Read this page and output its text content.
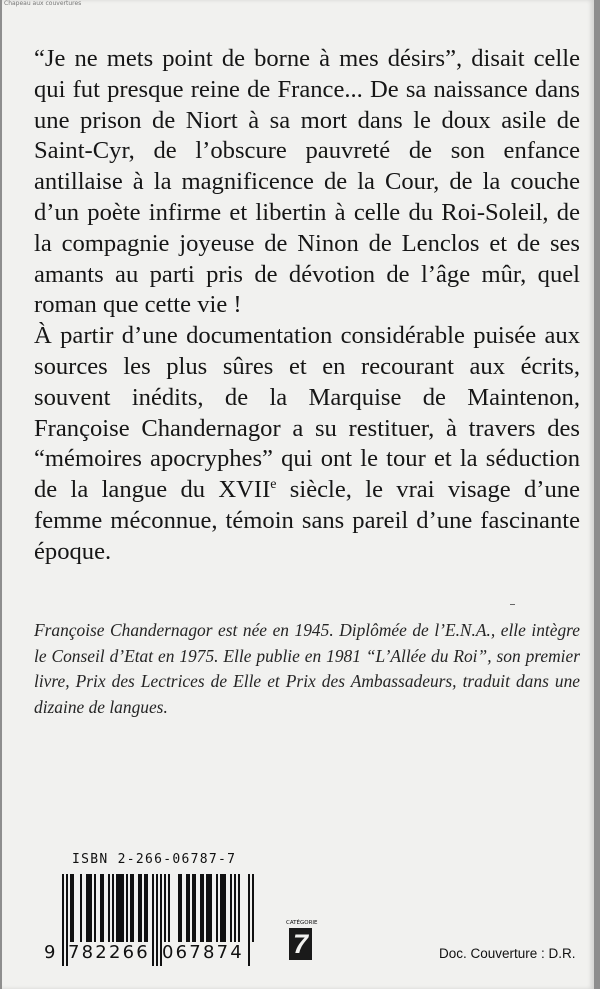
Chapeau aux couvertures

“Je ne mets point de borne à mes désirs”, disait celle qui fut presque reine de France... De sa naissance dans une prison de Niort à sa mort dans le doux asile de Saint-Cyr, de l’obscure pauvreté de son enfance antillaise à la magnificence de la Cour, de la couche d’un poète infirme et libertin à celle du Roi-Soleil, de la compagnie joyeuse de Ninon de Lenclos et de ses amants au parti pris de dévotion de l’âge mûr, quel roman que cette vie !

À partir d’une documentation considérable puisée aux sources les plus sûres et en recourant aux écrits, souvent inédits, de la Marquise de Maintenon, Françoise Chandernagor a su restituer, à travers des “mémoires apocryphes” qui ont le tour et la séduction de la langue du XVIIe siècle, le vrai visage d’une femme méconnue, témoin sans pareil d’une fascinante époque.

Françoise Chandernagor est née en 1945. Diplômée de l’E.N.A., elle intègre le Conseil d’Etat en 1975. Elle publie en 1981 “L’Allée du Roi”, son premier livre, Prix des Lectrices de Elle et Prix des Ambassadeurs, traduit dans une dizaine de langues.

ISBN 2-266-06787-7
9 782266 067874
CATÉGORIE
7	Doc. Couverture : D.R.
